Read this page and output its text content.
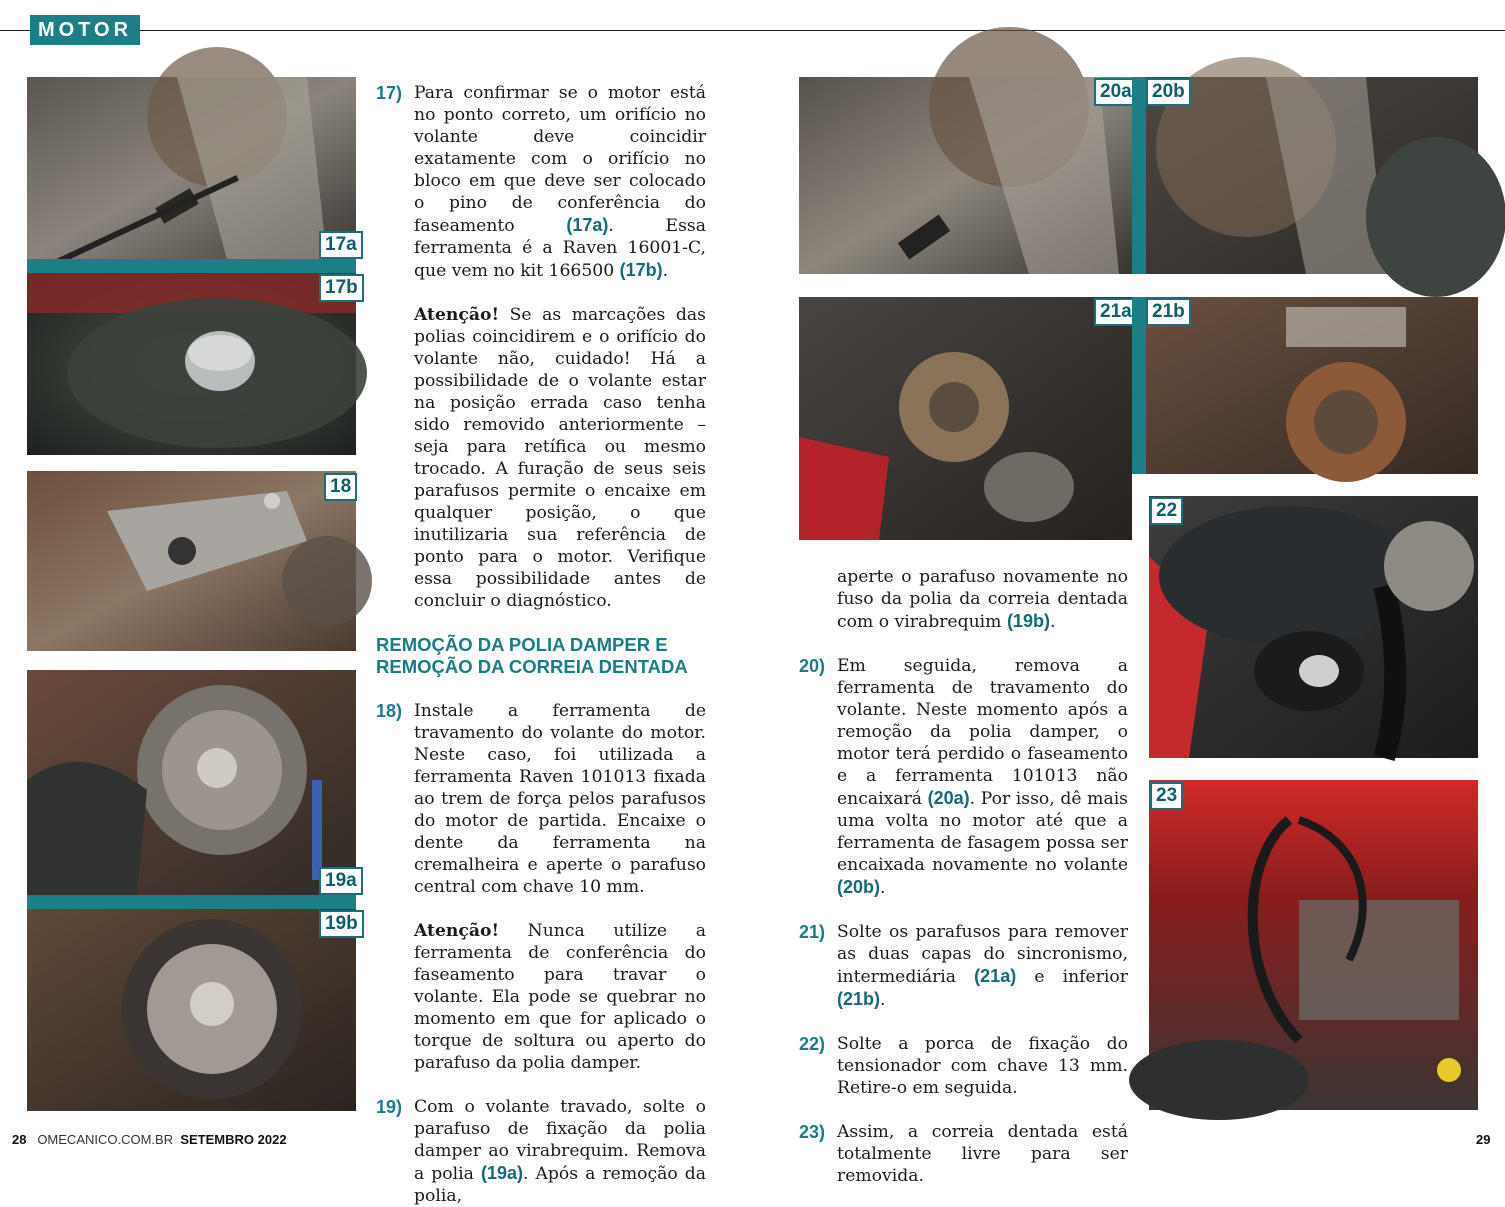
MOTOR
17a
17b
18
19a
19b
17) Para confirmar se o motor está no ponto correto, um orifício no volante deve coincidir exatamente com o orifício no bloco em que deve ser colocado o pino de conferência do faseamento (17a). Essa ferramenta é a Raven 16001-C, que vem no kit 166500 (17b).
Atenção! Se as marcações das polias coincidirem e o orifício do volante não, cuidado! Há a possibilidade de o volante estar na posição errada caso tenha sido removido anteriormente – seja para retífica ou mesmo trocado. A furação de seus seis parafusos permite o encaixe em qualquer posição, o que inutilizaria sua referência de ponto para o motor. Verifique essa possibilidade antes de concluir o diagnóstico.
REMOÇÃO DA POLIA DAMPER E
REMOÇÃO DA CORREIA DENTADA
18) Instale a ferramenta de travamento do volante do motor. Neste caso, foi utilizada a ferramenta Raven 101013 fixada ao trem de força pelos parafusos do motor de partida. Encaixe o dente da ferramenta na cremalheira e aperte o parafuso central com chave 10 mm.
Atenção! Nunca utilize a ferramenta de conferência do faseamento para travar o volante. Ela pode se quebrar no momento em que for aplicado o torque de soltura ou aperto do parafuso da polia damper.
19) Com o volante travado, solte o parafuso de fixação da polia damper ao virabrequim. Remova a polia (19a). Após a remoção da polia,
20a	20b
21a	21b
22
23
aperte o parafuso novamente no fuso da polia da correia dentada com o virabrequim (19b).
20) Em seguida, remova a ferramenta de travamento do volante. Neste momento após a remoção da polia damper, o motor terá perdido o faseamento e a ferramenta 101013 não encaixará (20a). Por isso, dê mais uma volta no motor até que a ferramenta de fasagem possa ser encaixada novamente no volante (20b).
21) Solte os parafusos para remover as duas capas do sincronismo, intermediária (21a) e inferior (21b).
22) Solte a porca de fixação do tensionador com chave 13 mm. Retire-o em seguida.
23) Assim, a correia dentada está totalmente livre para ser removida.
28 OMECANICO.COM.BR SETEMBRO 2022	29
